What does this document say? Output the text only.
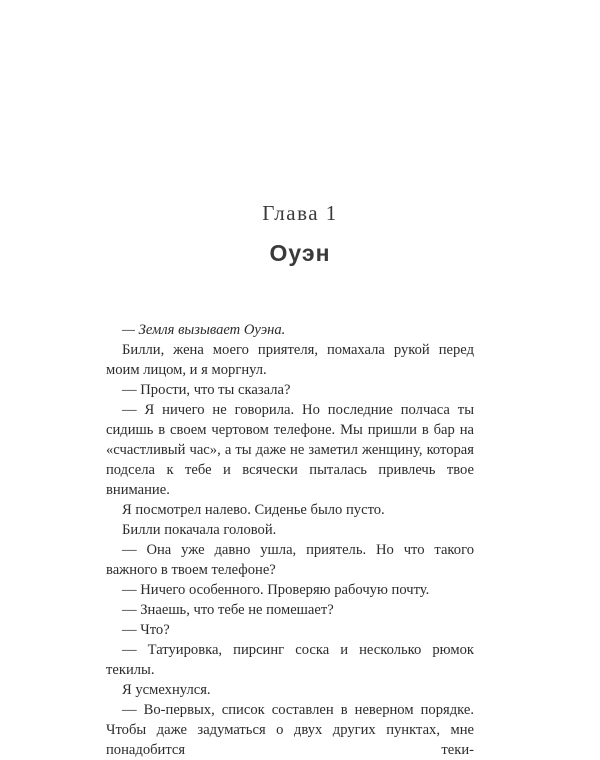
Глава 1
Оуэн

— Земля вызывает Оуэна.

Билли, жена моего приятеля, помахала рукой перед моим лицом, и я моргнул.

— Прости, что ты сказала?

— Я ничего не говорила. Но последние полчаса ты сидишь в своем чертовом телефоне. Мы пришли в бар на «счастливый час», а ты даже не заметил женщину, которая подсела к тебе и всячески пыталась привлечь твое внимание.

Я посмотрел налево. Сиденье было пусто.

Билли покачала головой.

— Она уже давно ушла, приятель. Но что такого важного в твоем телефоне?

— Ничего особенного. Проверяю рабочую почту.

— Знаешь, что тебе не помешает?

— Что?

— Татуировка, пирсинг соска и несколько рюмок текилы.

Я усмехнулся.

— Во-первых, список составлен в неверном порядке. Чтобы даже задуматься о двух других пунктах, мне понадобится теки-
